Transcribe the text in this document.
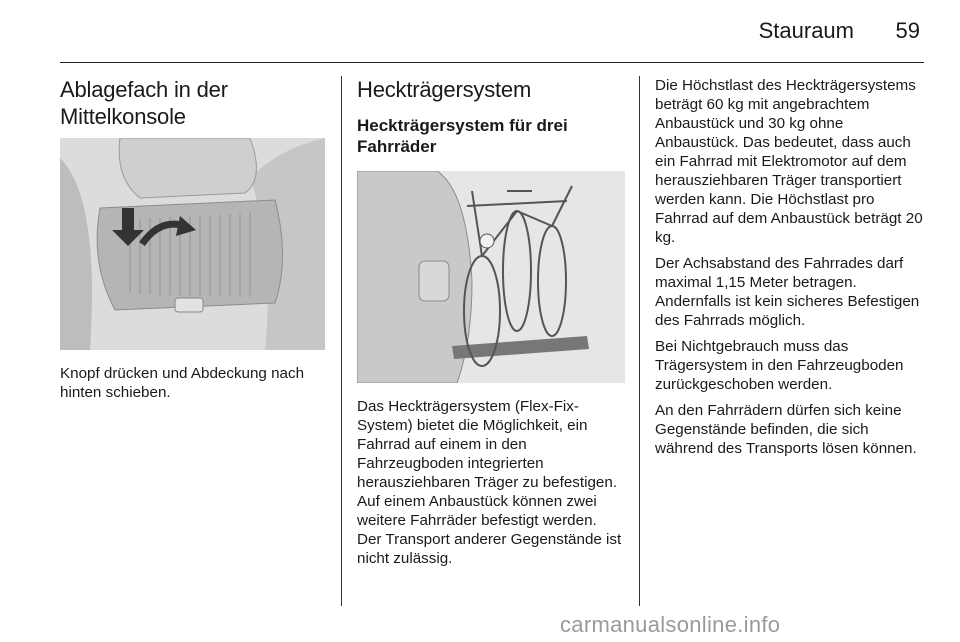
Stauraum 59
Ablagefach in der Mittelkonsole

Knopf drücken und Abdeckung nach hinten schieben.

Heckträgersystem
Heckträgersystem für drei Fahrräder

Das Heckträgersystem (Flex-Fix-System) bietet die Möglichkeit, ein Fahrrad auf einem in den Fahrzeugboden integrierten herausziehbaren Träger zu befestigen. Auf einem Anbaustück können zwei weitere Fahrräder befestigt werden. Der Transport anderer Gegenstände ist nicht zulässig.

Die Höchstlast des Heckträgersystems beträgt 60 kg mit angebrachtem Anbaustück und 30 kg ohne Anbaustück. Das bedeutet, dass auch ein Fahrrad mit Elektromotor auf dem herausziehbaren Träger transportiert werden kann. Die Höchstlast pro Fahrrad auf dem Anbaustück beträgt 20 kg.

Der Achsabstand des Fahrrades darf maximal 1,15 Meter betragen. Andernfalls ist kein sicheres Befestigen des Fahrrads möglich.

Bei Nichtgebrauch muss das Trägersystem in den Fahrzeugboden zurückgeschoben werden.

An den Fahrrädern dürfen sich keine Gegenstände befinden, die sich während des Transports lösen können.

carmanualsonline.info
